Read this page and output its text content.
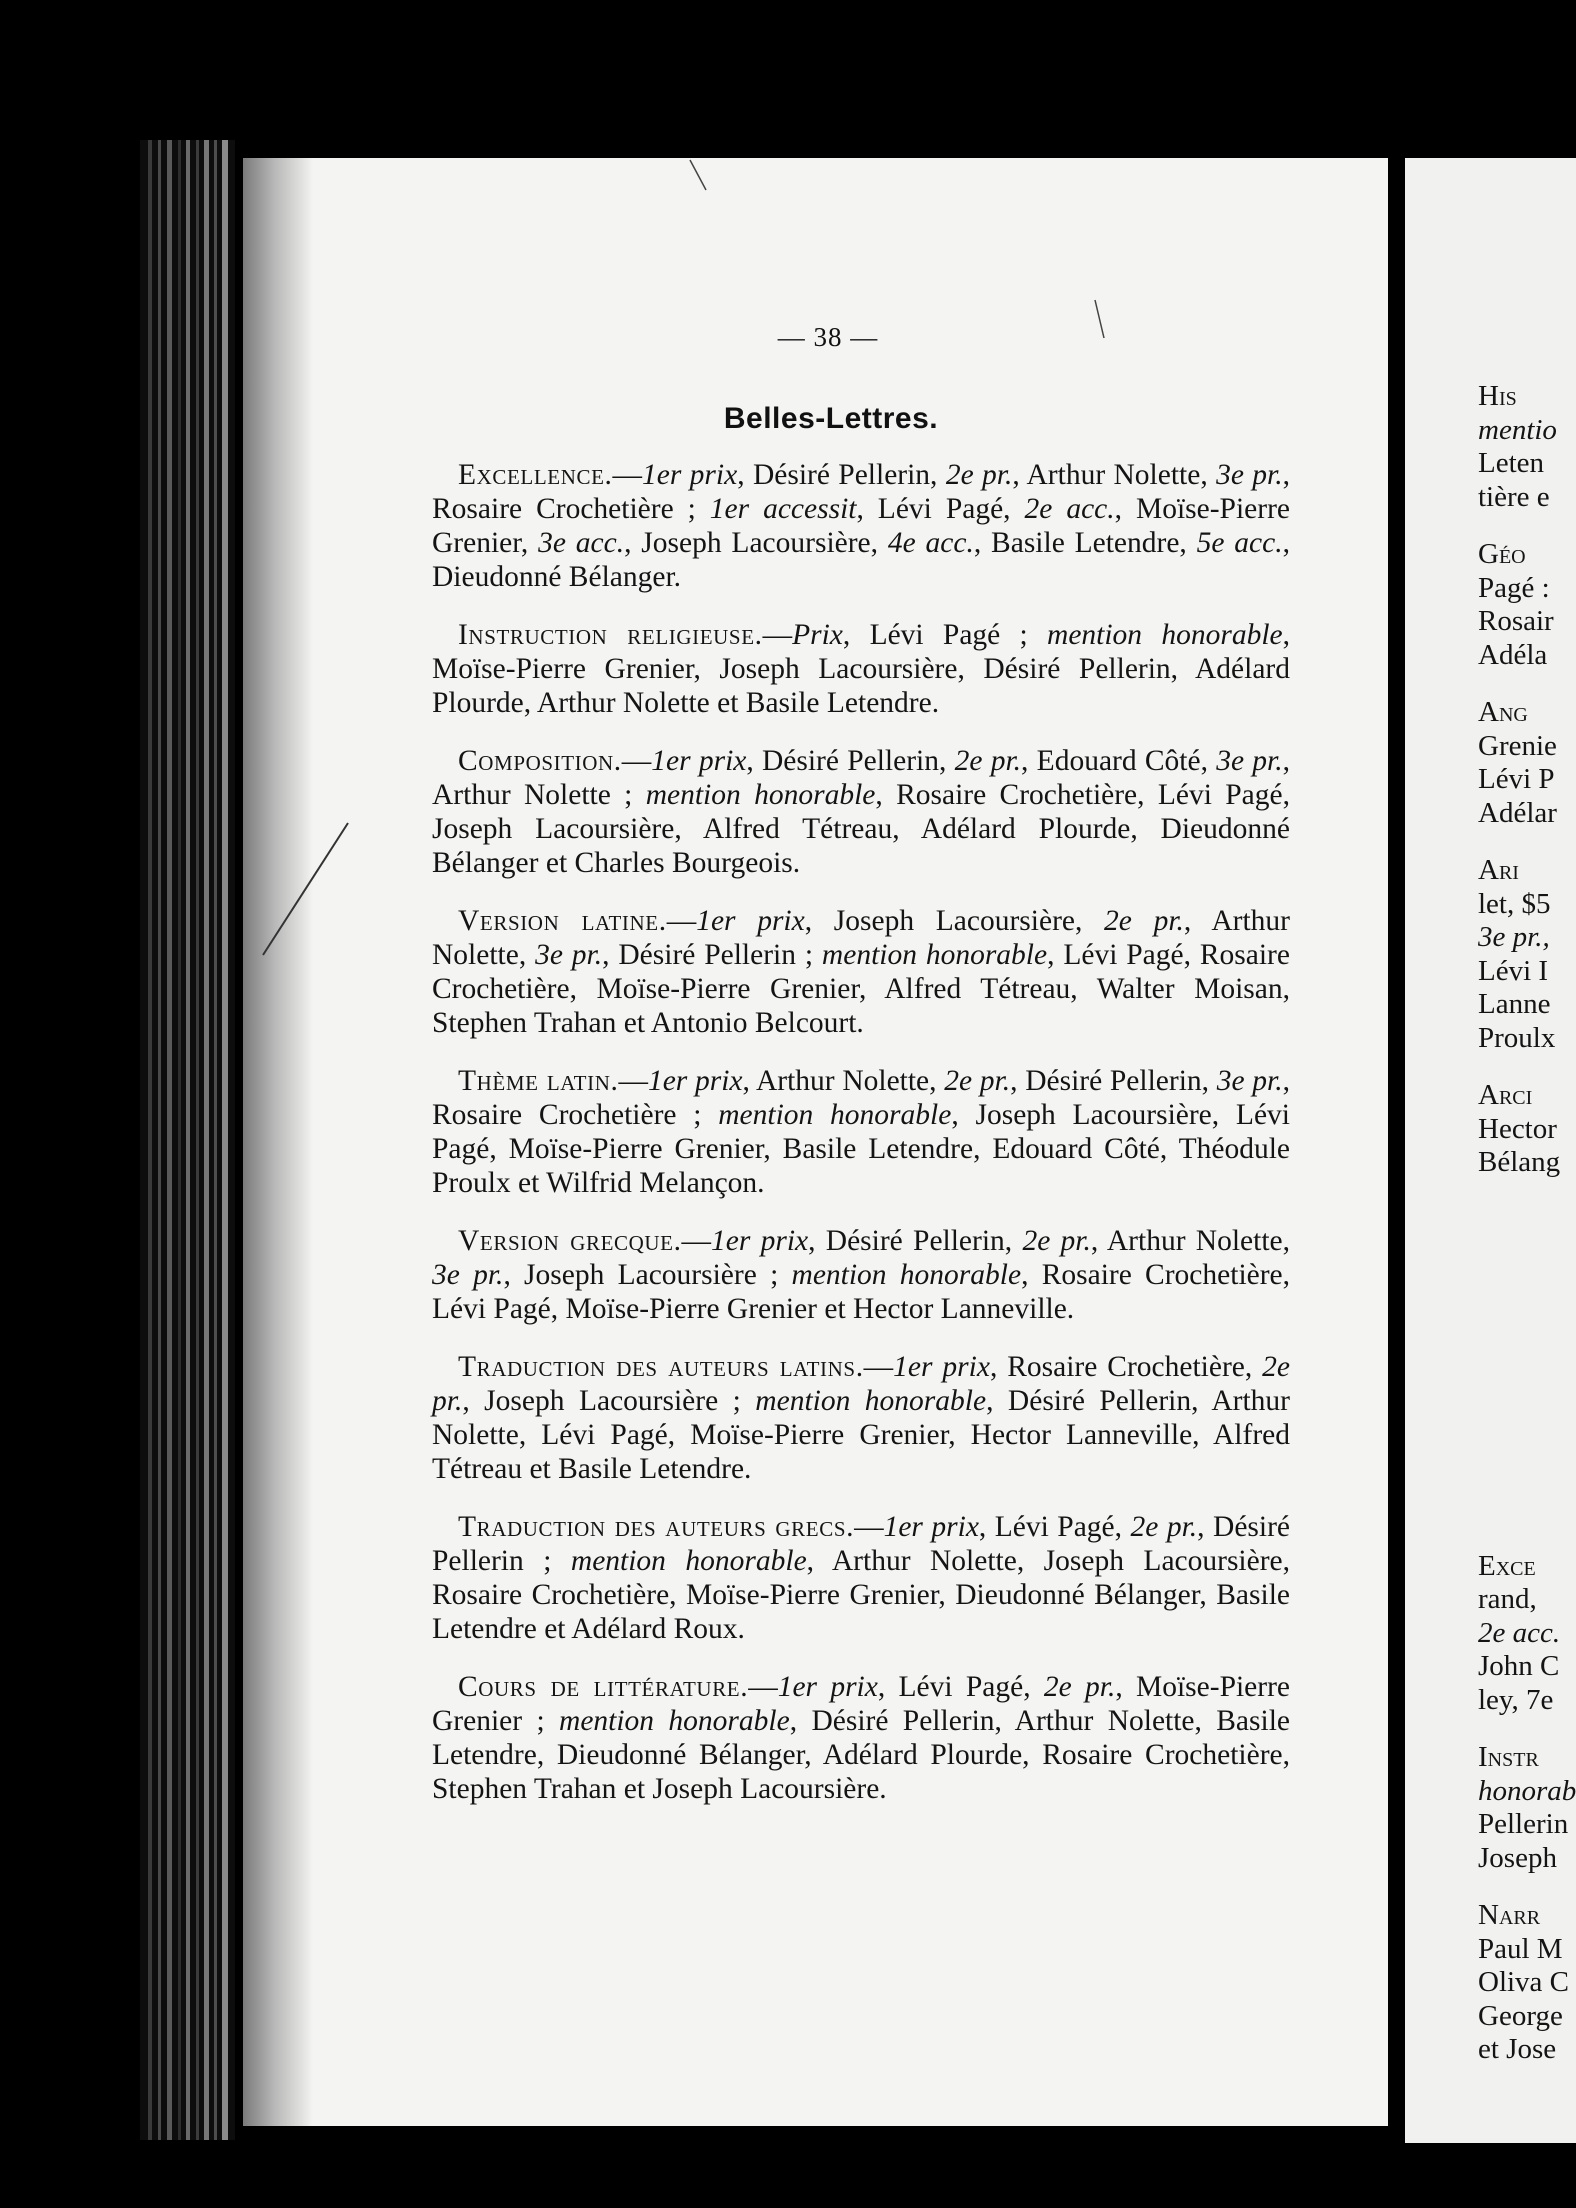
— 38 —
Belles-Lettres.

Excellence.—1er prix, Désiré Pellerin, 2e pr., Arthur Nolette, 3e pr., Rosaire Crochetière ; 1er accessit, Lévi Pagé, 2e acc., Moïse-Pierre Grenier, 3e acc., Joseph Lacoursière, 4e acc., Basile Letendre, 5e acc., Dieudonné Bélanger.

Instruction religieuse.—Prix, Lévi Pagé ; mention honorable, Moïse-Pierre Grenier, Joseph Lacoursière, Désiré Pellerin, Adélard Plourde, Arthur Nolette et Basile Letendre.

Composition.—1er prix, Désiré Pellerin, 2e pr., Edouard Côté, 3e pr., Arthur Nolette ; mention honorable, Rosaire Crochetière, Lévi Pagé, Joseph Lacoursière, Alfred Tétreau, Adélard Plourde, Dieudonné Bélanger et Charles Bourgeois.

Version latine.—1er prix, Joseph Lacoursière, 2e pr., Arthur Nolette, 3e pr., Désiré Pellerin ; mention honorable, Lévi Pagé, Rosaire Crochetière, Moïse-Pierre Grenier, Alfred Tétreau, Walter Moisan, Stephen Trahan et Antonio Belcourt.

Thème latin.—1er prix, Arthur Nolette, 2e pr., Désiré Pellerin, 3e pr., Rosaire Crochetière ; mention honorable, Joseph Lacoursière, Lévi Pagé, Moïse-Pierre Grenier, Basile Letendre, Edouard Côté, Théodule Proulx et Wilfrid Melançon.

Version grecque.—1er prix, Désiré Pellerin, 2e pr., Arthur Nolette, 3e pr., Joseph Lacoursière ; mention honorable, Rosaire Crochetière, Lévi Pagé, Moïse-Pierre Grenier et Hector Lanneville.

Traduction des auteurs latins.—1er prix, Rosaire Crochetière, 2e pr., Joseph Lacoursière ; mention honorable, Désiré Pellerin, Arthur Nolette, Lévi Pagé, Moïse-Pierre Grenier, Hector Lanneville, Alfred Tétreau et Basile Letendre.

Traduction des auteurs grecs.—1er prix, Lévi Pagé, 2e pr., Désiré Pellerin ; mention honorable, Arthur Nolette, Joseph Lacoursière, Rosaire Crochetière, Moïse-Pierre Grenier, Dieudonné Bélanger, Basile Letendre et Adélard Roux.

Cours de littérature.—1er prix, Lévi Pagé, 2e pr., Moïse-Pierre Grenier ; mention honorable, Désiré Pellerin, Arthur Nolette, Basile Letendre, Dieudonné Bélanger, Adélard Plourde, Rosaire Crochetière, Stephen Trahan et Joseph Lacoursière.

His
mentio
Leten
tière e
Géo
Pagé :
Rosair
Adéla
Ang
Grenie
Lévi P
Adélar
Ari
let, $5
3e pr.,
Lévi I
Lanne
Proulx
Arci
Hector
Bélang
Exce
rand,
2e acc.
John C
ley, 7e
Instr
honorab
Pellerin
Joseph
Narr
Paul M
Oliva C
George
et Jose
